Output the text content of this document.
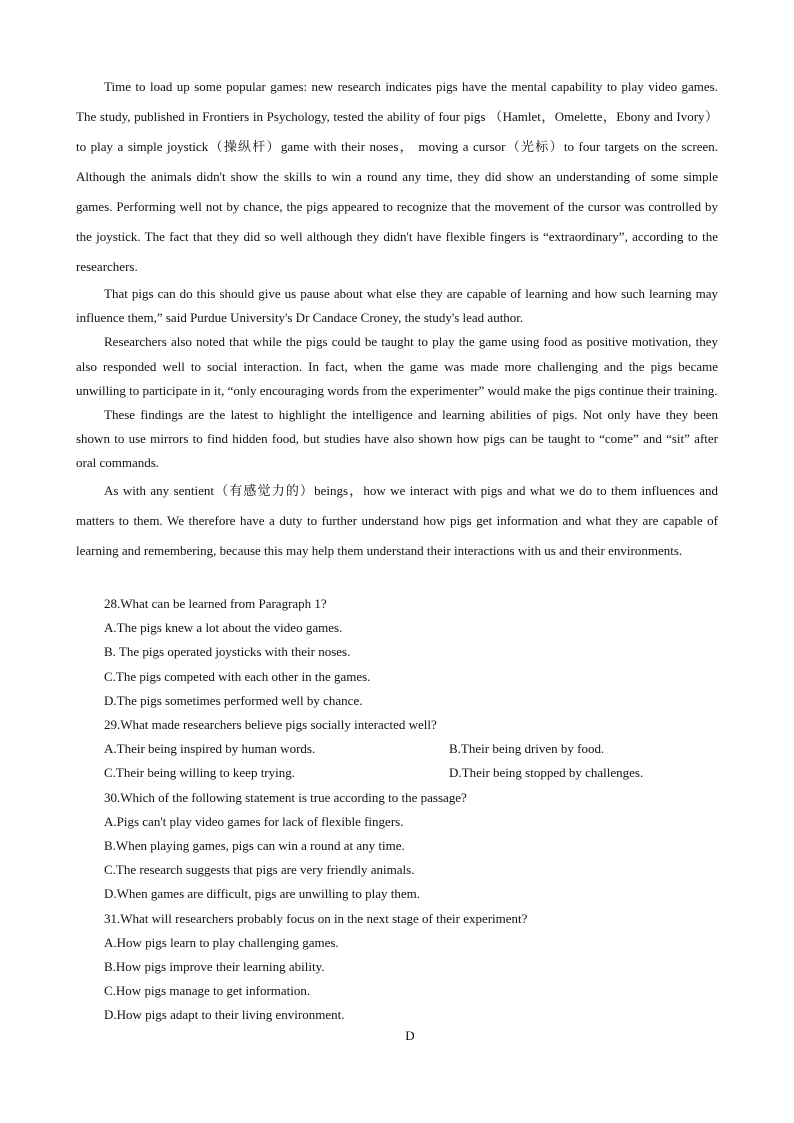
Time to load up some popular games: new research indicates pigs have the mental capability to play video games. The study, published in Frontiers in Psychology, tested the ability of four pigs （Hamlet，Omelette，Ebony and Ivory） to play a simple joystick（操纵杆）game with their noses， moving a cursor（光标）to four targets on the screen. Although the animals didn't show the skills to win a round any time, they did show an understanding of some simple games. Performing well not by chance, the pigs appeared to recognize that the movement of the cursor was controlled by the joystick. The fact that they did so well although they didn't have flexible fingers is “extraordinary”, according to the researchers.

That pigs can do this should give us pause about what else they are capable of learning and how such learning may influence them,” said Purdue University's Dr Candace Croney, the study's lead author.

Researchers also noted that while the pigs could be taught to play the game using food as positive motivation, they also responded well to social interaction. In fact, when the game was made more challenging and the pigs became unwilling to participate in it, “only encouraging words from the experimenter” would make the pigs continue their training.

These findings are the latest to highlight the intelligence and learning abilities of pigs. Not only have they been shown to use mirrors to find hidden food, but studies have also shown how pigs can be taught to “come” and “sit” after oral commands.

As with any sentient（有感觉力的）beings，how we interact with pigs and what we do to them influences and matters to them. We therefore have a duty to further understand how pigs get information and what they are capable of learning and remembering, because this may help them understand their interactions with us and their environments.

28.What can be learned from Paragraph 1?

A.The pigs knew a lot about the video games.

B. The pigs operated joysticks with their noses.

C.The pigs competed with each other in the games.

D.The pigs sometimes performed well by chance.

29.What made researchers believe pigs socially interacted well?

A.Their being inspired by human words.	B.Their being driven by food.
C.Their being willing to keep trying.	D.Their being stopped by challenges.

30.Which of the following statement is true according to the passage?

A.Pigs can't play video games for lack of flexible fingers.

B.When playing games, pigs can win a round at any time.

C.The research suggests that pigs are very friendly animals.

D.When games are difficult, pigs are unwilling to play them.

31.What will researchers probably focus on in the next stage of their experiment?

A.How pigs learn to play challenging games.

B.How pigs improve their learning ability.

C.How pigs manage to get information.

D.How pigs adapt to their living environment.

D
